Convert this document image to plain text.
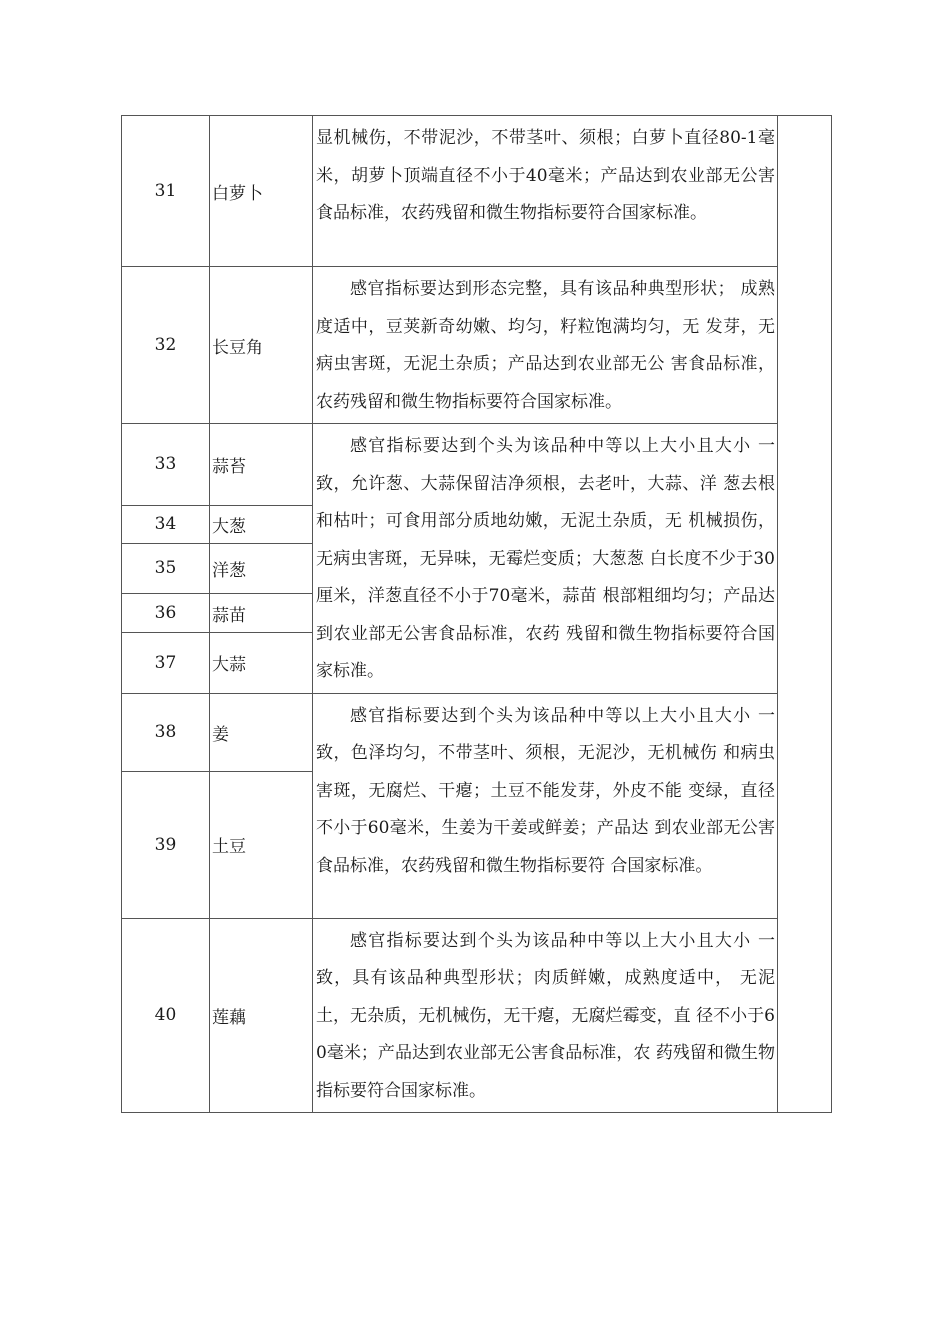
31	白萝卜	显机械伤，不带泥沙，不带茎叶、须根；白萝卜直径80-1毫米，胡萝卜顶端直径不小于40毫米；产品达到农业部无公害食品标准，农药残留和微生物指标要符合国家标准。	

32	长豆角	感官指标要达到形态完整，具有该品种典型形状； 成熟度适中，豆荚新奇幼嫩、均匀，籽粒饱满均匀，无 发芽，无病虫害斑，无泥土杂质；产品达到农业部无公 害食品标准，农药残留和微生物指标要符合国家标准。	

33	蒜苔	感官指标要达到个头为该品种中等以上大小且大小 一致，允许葱、大蒜保留洁净须根，去老叶，大蒜、洋 葱去根和枯叶；可食用部分质地幼嫩，无泥土杂质，无 机械损伤，无病虫害斑，无异味，无霉烂变质；大葱葱 白长度不少于30厘米，洋葱直径不小于70毫米，蒜苗 根部粗细均匀；产品达到农业部无公害食品标准，农药 残留和微生物指标要符合国家标准。	

34	大葱		
35	洋葱		
36	蒜苗		
37	大蒜		
38	姜	感官指标要达到个头为该品种中等以上大小且大小 一致，色泽均匀，不带茎叶、须根，无泥沙，无机械伤 和病虫害斑，无腐烂、干瘪；土豆不能发芽，外皮不能 变绿，直径不小于60毫米，生姜为干姜或鲜姜；产品达 到农业部无公害食品标准，农药残留和微生物指标要符 合国家标准。	

39	土豆		
40	莲藕	感官指标要达到个头为该品种中等以上大小且大小 一致，具有该品种典型形状；肉质鲜嫩，成熟度适中， 无泥土，无杂质，无机械伤，无干瘪，无腐烂霉变，直 径不小于60毫米；产品达到农业部无公害食品标准，农 药残留和微生物指标要符合国家标准。	
